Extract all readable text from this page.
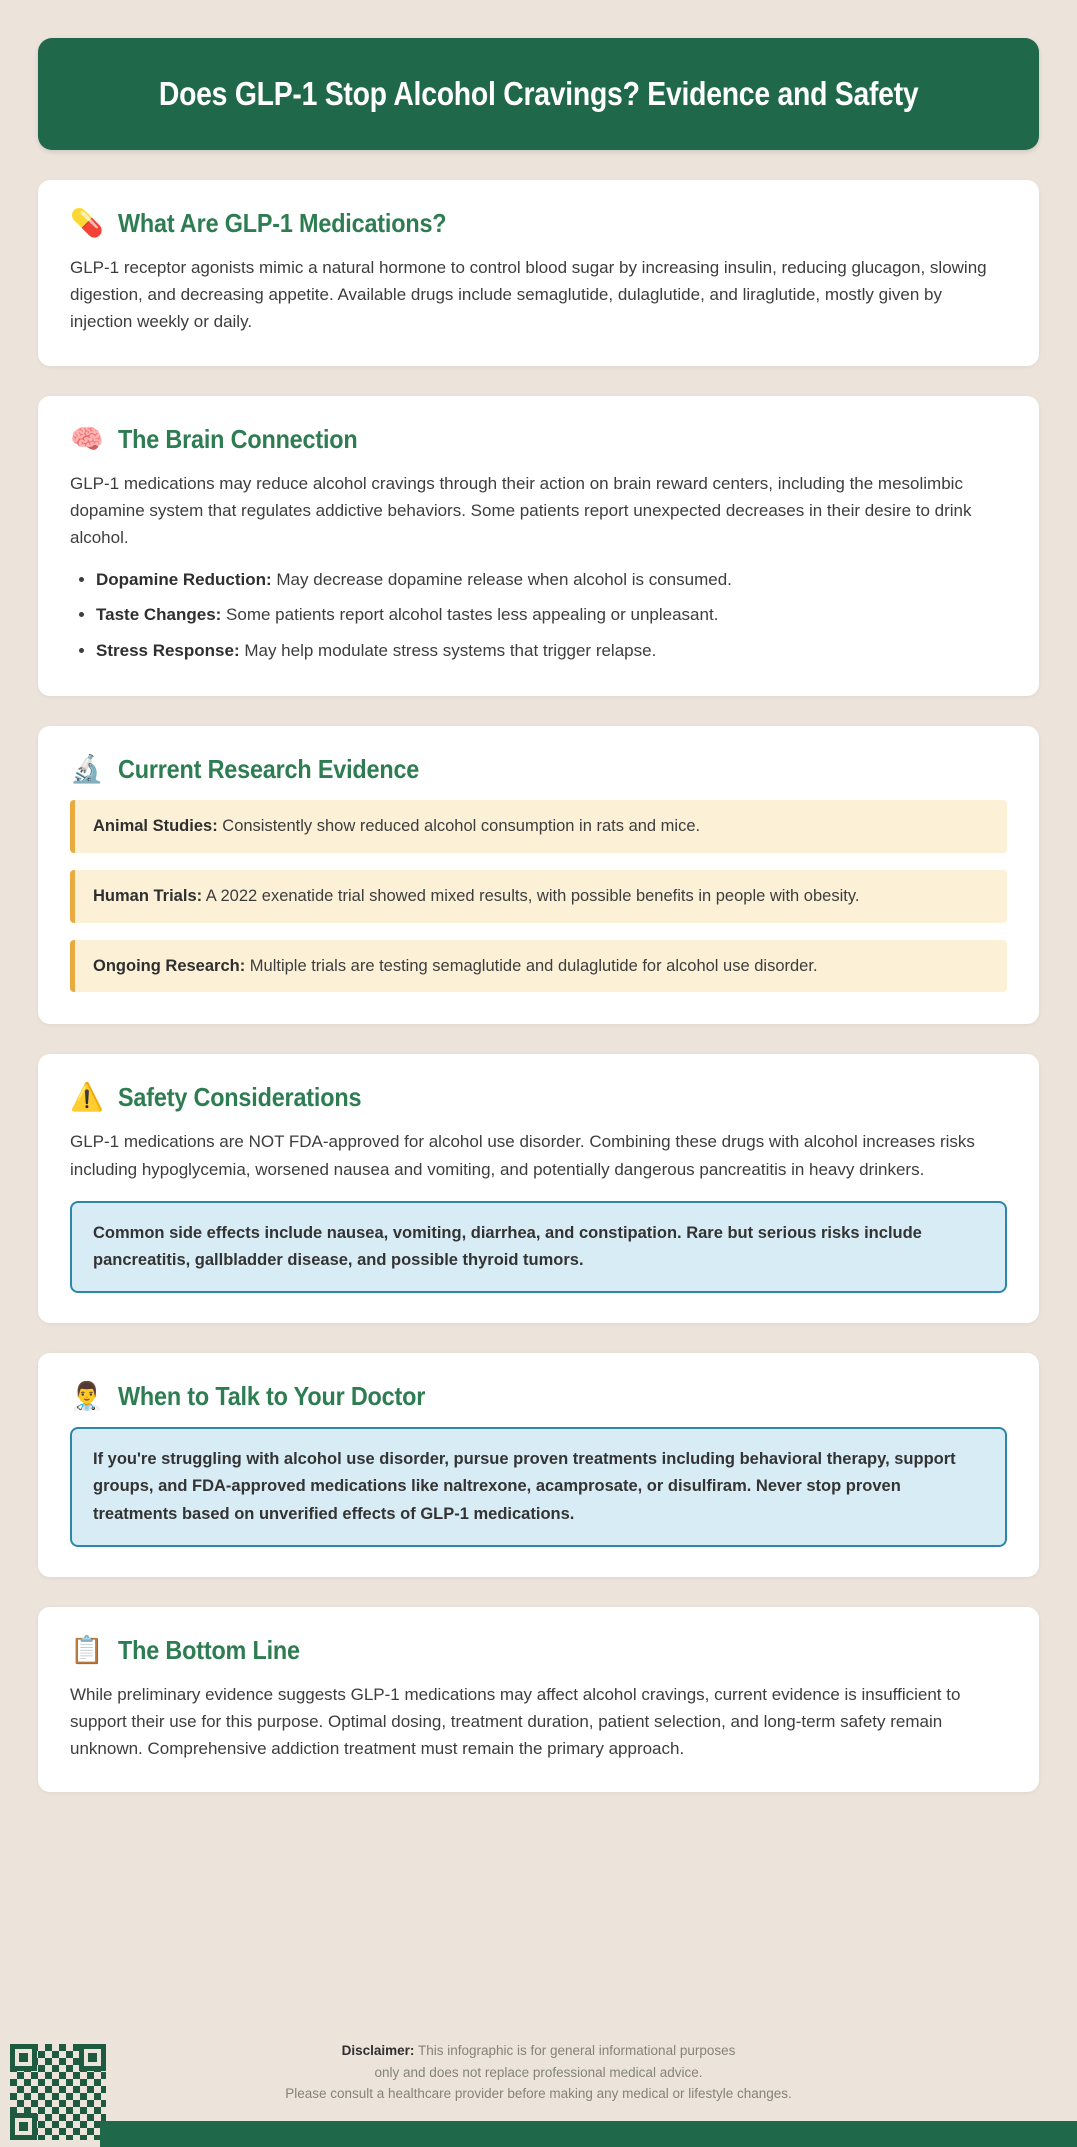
Does GLP-1 Stop Alcohol Cravings? Evidence and Safety
💊 What Are GLP-1 Medications?

GLP-1 receptor agonists mimic a natural hormone to control blood sugar by increasing insulin, reducing glucagon, slowing digestion, and decreasing appetite. Available drugs include semaglutide, dulaglutide, and liraglutide, mostly given by injection weekly or daily.

🧠 The Brain Connection

GLP-1 medications may reduce alcohol cravings through their action on brain reward centers, including the mesolimbic dopamine system that regulates addictive behaviors. Some patients report unexpected decreases in their desire to drink alcohol.

• Dopamine Reduction: May decrease dopamine release when alcohol is consumed.
• Taste Changes: Some patients report alcohol tastes less appealing or unpleasant.
• Stress Response: May help modulate stress systems that trigger relapse.
🔬 Current Research Evidence
Animal Studies: Consistently show reduced alcohol consumption in rats and mice.
Human Trials: A 2022 exenatide trial showed mixed results, with possible benefits in people with obesity.
Ongoing Research: Multiple trials are testing semaglutide and dulaglutide for alcohol use disorder.
⚠️ Safety Considerations

GLP-1 medications are NOT FDA-approved for alcohol use disorder. Combining these drugs with alcohol increases risks including hypoglycemia, worsened nausea and vomiting, and potentially dangerous pancreatitis in heavy drinkers.

Common side effects include nausea, vomiting, diarrhea, and constipation. Rare but serious risks include pancreatitis, gallbladder disease, and possible thyroid tumors.
👨‍⚕️ When to Talk to Your Doctor
If you're struggling with alcohol use disorder, pursue proven treatments including behavioral therapy, support groups, and FDA-approved medications like naltrexone, acamprosate, or disulfiram. Never stop proven treatments based on unverified effects of GLP-1 medications.
📋 The Bottom Line

While preliminary evidence suggests GLP-1 medications may affect alcohol cravings, current evidence is insufficient to support their use for this purpose. Optimal dosing, treatment duration, patient selection, and long-term safety remain unknown. Comprehensive addiction treatment must remain the primary approach.

Disclaimer: This infographic is for general informational purposes
only and does not replace professional medical advice.
Please consult a healthcare provider before making any medical or lifestyle changes.
